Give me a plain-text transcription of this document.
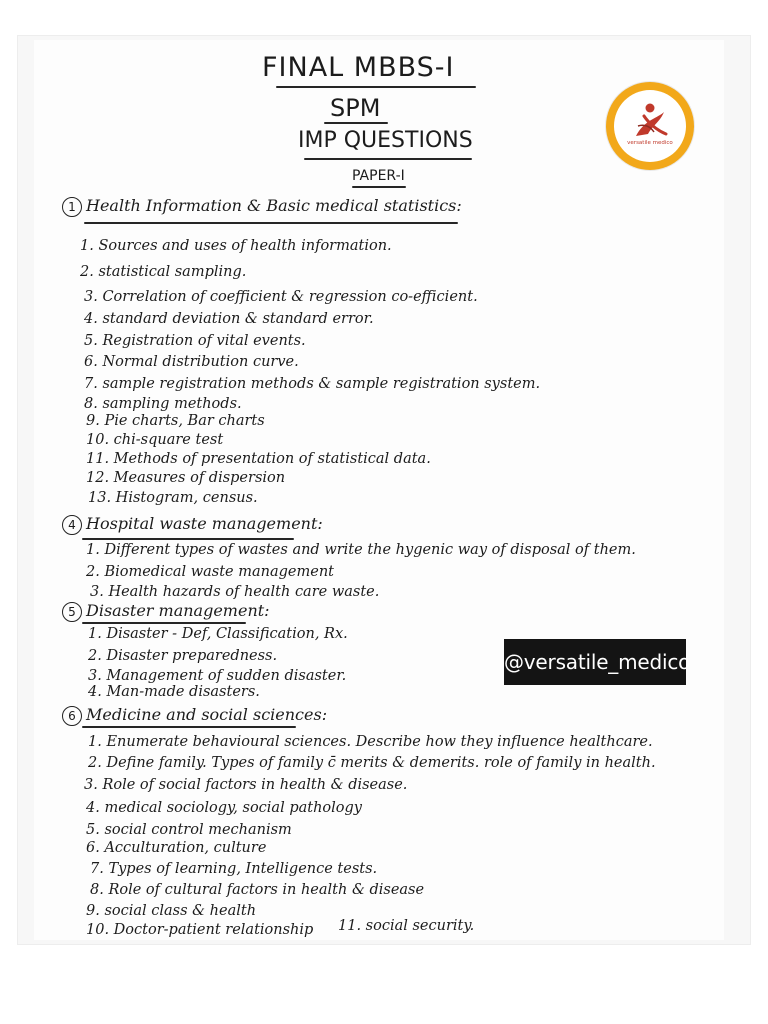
FINAL MBBS-I
SPM
IMP QUESTIONS
PAPER-I
versatile medico
1 Health Information & Basic medical statistics:
1. Sources and uses of health information.
2. statistical sampling.
3. Correlation of coefficient & regression co-efficient.
4. standard deviation & standard error.
5. Registration of vital events.
6. Normal distribution curve.
7. sample registration methods & sample registration system.
8. sampling methods.
9. Pie charts, Bar charts
10. chi-square test
11. Methods of presentation of statistical data.
12. Measures of dispersion
13. Histogram, census.
4 Hospital waste management:
1. Different types of wastes and write the hygenic way of disposal of them.
2. Biomedical waste management
3. Health hazards of health care waste.
5 Disaster management:
1. Disaster - Def, Classification, Rx.
2. Disaster preparedness.
3. Management of sudden disaster.
4. Man-made disasters.
@versatile_medico
6 Medicine and social sciences:
1. Enumerate behavioural sciences. Describe how they influence healthcare.
2. Define family. Types of family c̄ merits & demerits. role of family in health.
3. Role of social factors in health & disease.
4. medical sociology, social pathology
5. social control mechanism
6. Acculturation, culture
7. Types of learning, Intelligence tests.
8. Role of cultural factors in health & disease
9. social class & health
10. Doctor-patient relationship 11. social security.
